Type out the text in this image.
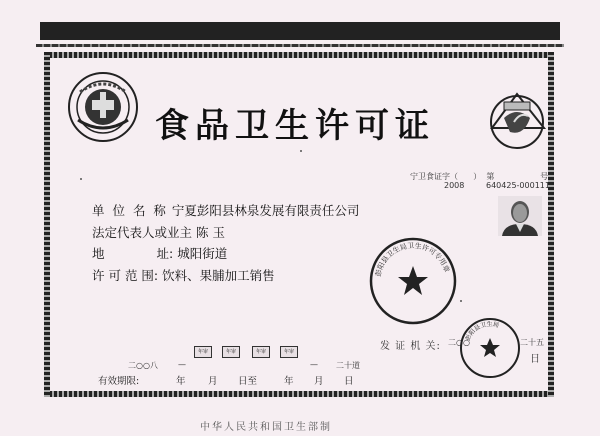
食品卫生许可证
宁卫食证字（ ） 第	号
2008	640425-000111
单 位 名 称 宁夏彭阳县林泉发展有限责任公司
法定代表人或业主 陈 玉
地	址: 城阳街道
许 可 范 围: 饮料、果脯加工销售	彭阳县卫生局卫生许可专用章
发 证 机 关: 二○○
彭阳县卫生局
二十五
日
二○○八	—
年审	年审	年审	年审
— 二十道
有效期限:	年 月 日至	年 月 日
中华人民共和国卫生部制
